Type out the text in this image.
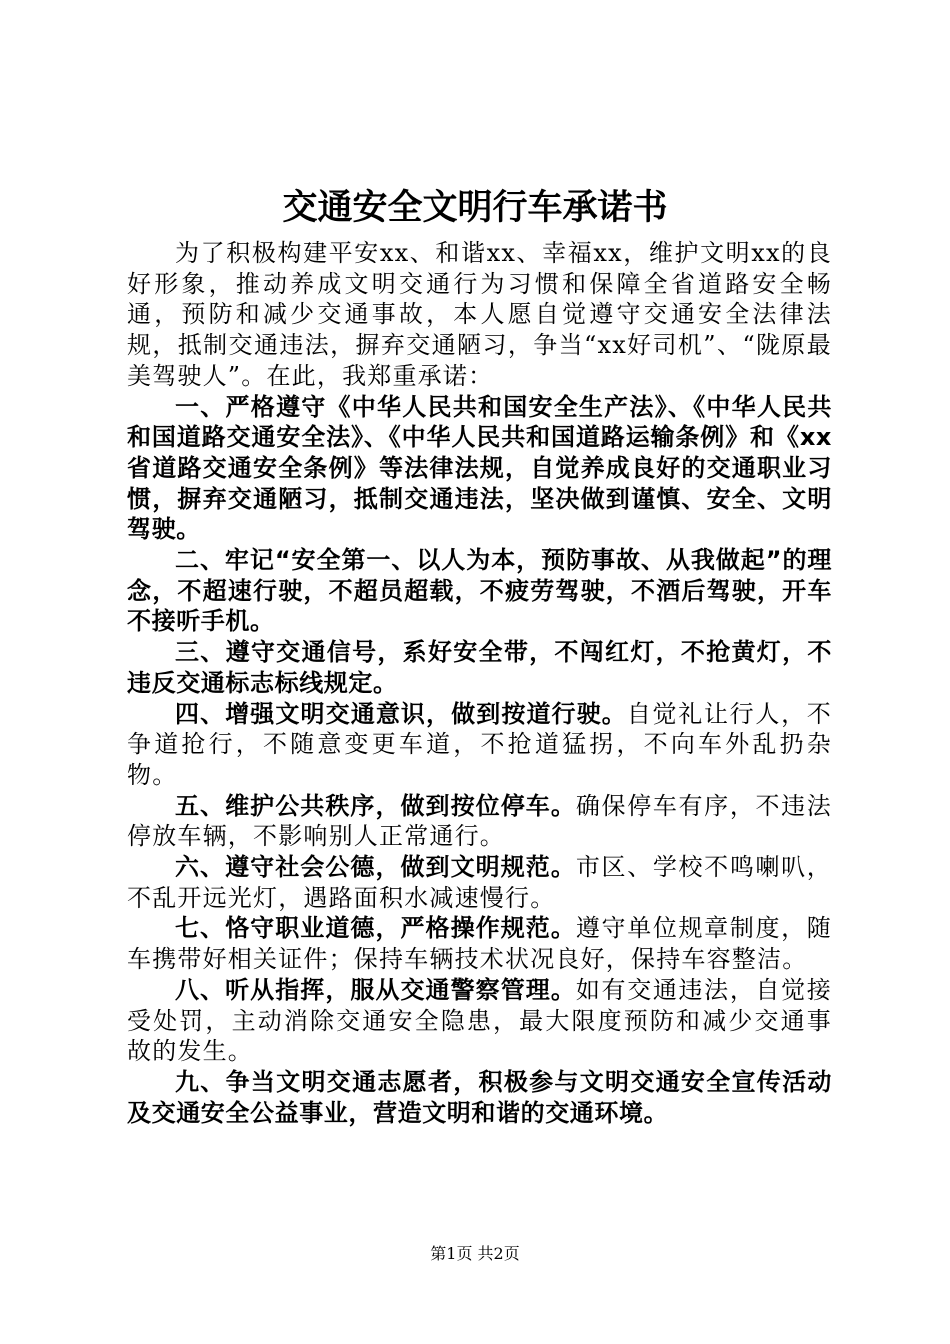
交通安全文明行车承诺书

为了积极构建平安xx、和谐xx、幸福xx，维护文明xx的良好形象，推动养成文明交通行为习惯和保障全省道路安全畅通，预防和减少交通事故，本人愿自觉遵守交通安全法律法规，抵制交通违法，摒弃交通陋习，争当“xx好司机”、“陇原最美驾驶人”。在此，我郑重承诺：

一、严格遵守《中华人民共和国安全生产法》、《中华人民共和国道路交通安全法》、《中华人民共和国道路运输条例》和《xx省道路交通安全条例》等法律法规，自觉养成良好的交通职业习惯，摒弃交通陋习，抵制交通违法，坚决做到谨慎、安全、文明驾驶。

二、牢记“安全第一、以人为本，预防事故、从我做起”的理念，不超速行驶，不超员超载，不疲劳驾驶，不酒后驾驶，开车不接听手机。

三、遵守交通信号，系好安全带，不闯红灯，不抢黄灯，不违反交通标志标线规定。

四、增强文明交通意识，做到按道行驶。自觉礼让行人，不争道抢行，不随意变更车道，不抢道猛拐，不向车外乱扔杂物。

五、维护公共秩序，做到按位停车。确保停车有序，不违法停放车辆，不影响别人正常通行。

六、遵守社会公德，做到文明规范。市区、学校不鸣喇叭，不乱开远光灯，遇路面积水减速慢行。

七、恪守职业道德，严格操作规范。遵守单位规章制度，随车携带好相关证件；保持车辆技术状况良好，保持车容整洁。

八、听从指挥，服从交通警察管理。如有交通违法，自觉接受处罚，主动消除交通安全隐患，最大限度预防和减少交通事故的发生。

九、争当文明交通志愿者，积极参与文明交通安全宣传活动及交通安全公益事业，营造文明和谐的交通环境。

第1页 共2页
